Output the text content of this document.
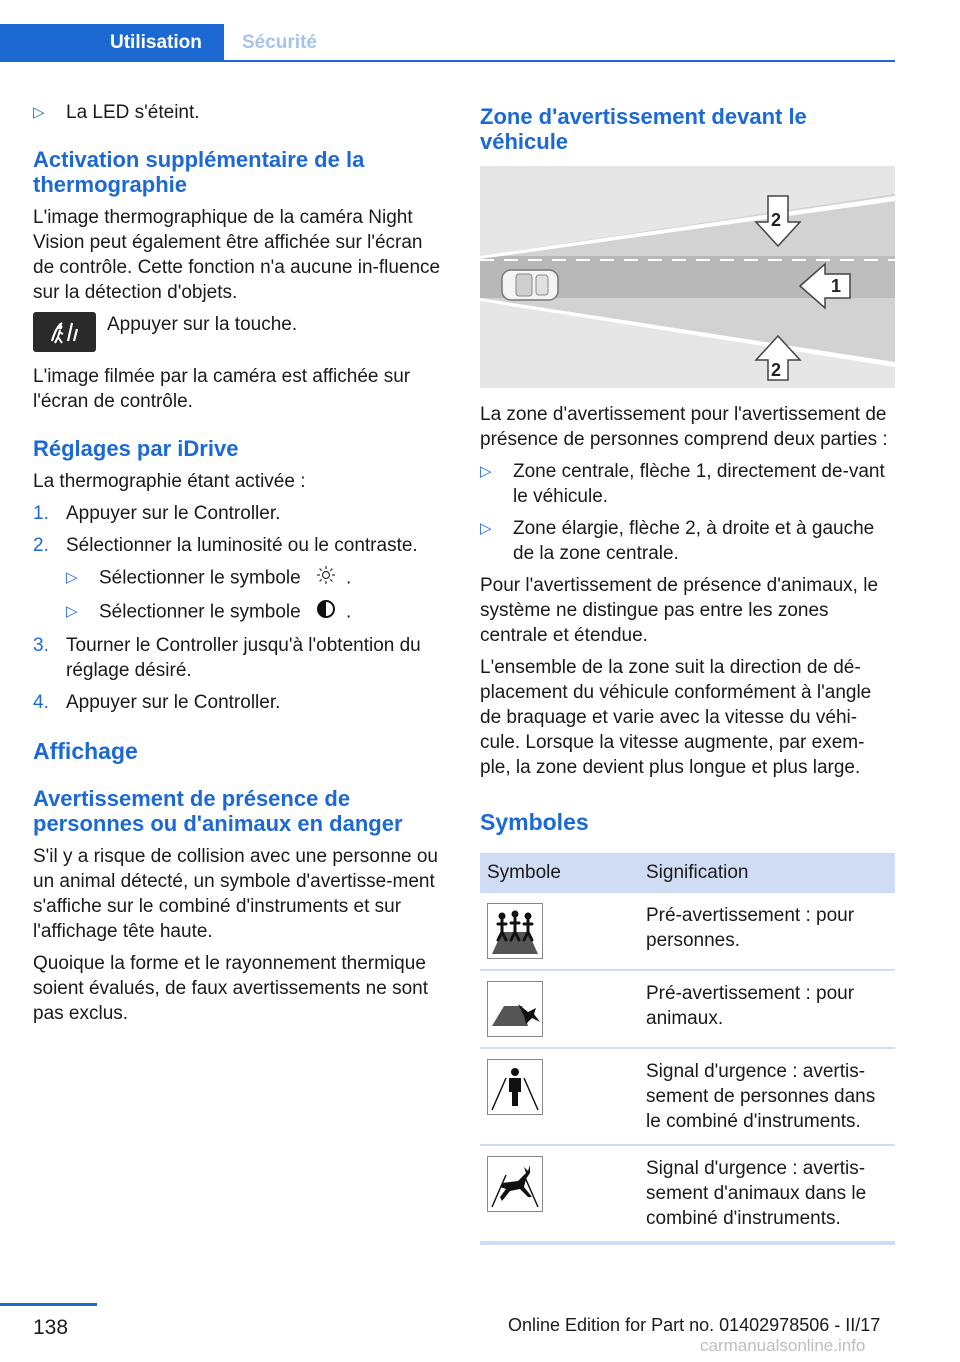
Utilisation	Sécurité
▷ La LED s'éteint.
Activation supplémentaire de la thermographie

L'image thermographique de la caméra Night Vision peut également être affichée sur l'écran de contrôle. Cette fonction n'a aucune in-fluence sur la détection d'objets.

Appuyer sur la touche.

L'image filmée par la caméra est affichée sur l'écran de contrôle.

Réglages par iDrive

La thermographie étant activée :

1. Appuyer sur le Controller.
2. Sélectionner la luminosité ou le contraste.
▷ Sélectionner le symbole .
▷ Sélectionner le symbole .
3. Tourner le Controller jusqu'à l'obtention du réglage désiré.
4. Appuyer sur le Controller.
Affichage
Avertissement de présence de personnes ou d'animaux en danger

S'il y a risque de collision avec une personne ou un animal détecté, un symbole d'avertisse-ment s'affiche sur le combiné d'instruments et sur l'affichage tête haute.

Quoique la forme et le rayonnement thermique soient évalués, de faux avertissements ne sont pas exclus.

Zone d'avertissement devant le véhicule
1
2
2

La zone d'avertissement pour l'avertissement de présence de personnes comprend deux parties :

▷ Zone centrale, flèche 1, directement de-vant le véhicule.
▷ Zone élargie, flèche 2, à droite et à gauche de la zone centrale.

Pour l'avertissement de présence d'animaux, le système ne distingue pas entre les zones centrale et étendue.

L'ensemble de la zone suit la direction de dé-placement du véhicule conformément à l'angle de braquage et varie avec la vitesse du véhi-cule. Lorsque la vitesse augmente, par exem-ple, la zone devient plus longue et plus large.

Symboles
Symbole	Signification

	Pré-avertissement : pour personnes.

	Pré-avertissement : pour animaux.

	Signal d'urgence : avertis-sement de personnes dans le combiné d'instruments.

	Signal d'urgence : avertis-sement d'animaux dans le combiné d'instruments.
138	Online Edition for Part no. 01402978506 - II/17
carmanualsonline.info
